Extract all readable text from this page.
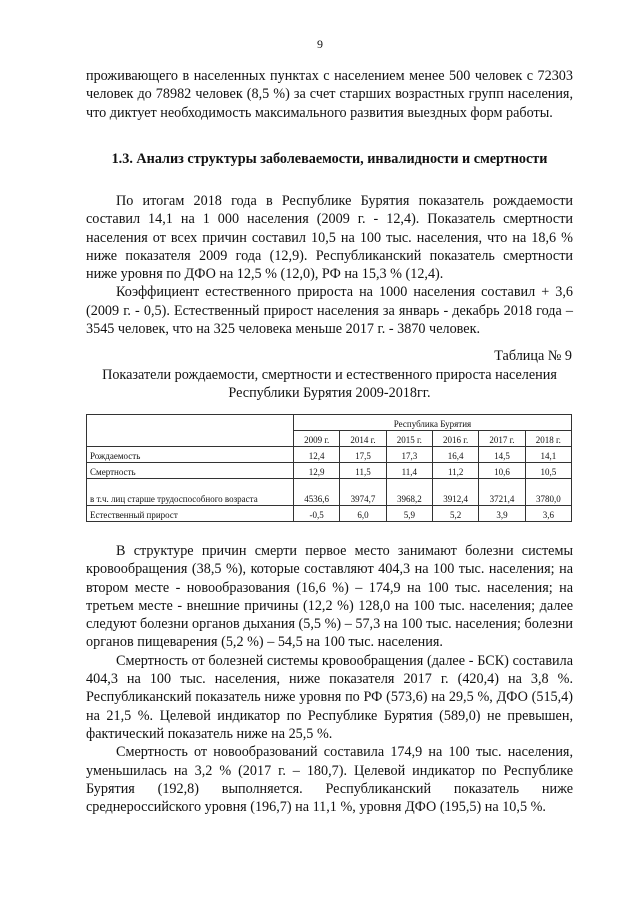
9

проживающего в населенных пунктах с населением менее 500 человек с 72303 человек до 78982 человек (8,5 %) за счет старших возрастных групп населения, что диктует необходимость максимального развития выездных форм работы.

1.3. Анализ структуры заболеваемости, инвалидности и смертности

По итогам 2018 года в Республике Бурятия показатель рождаемости составил 14,1 на 1 000 населения (2009 г. - 12,4). Показатель смертности населения от всех причин составил 10,5 на 100 тыс. населения, что на 18,6 % ниже показателя 2009 года (12,9). Республиканский показатель смертности ниже уровня по ДФО на 12,5 % (12,0), РФ на 15,3 % (12,4).

Коэффициент естественного прироста на 1000 населения составил + 3,6 (2009 г. - 0,5). Естественный прирост населения за январь - декабрь 2018 года – 3545 человек, что на 325 человека меньше 2017 г. - 3870 человек.

Таблица № 9
Показатели рождаемости, смертности и естественного прироста населения Республики Бурятия 2009-2018гг.
	Республика Бурятия					
	2009 г.	2014 г.	2015 г.	2016 г.	2017 г.	2018 г.
Рождаемость	12,4	17,5	17,3	16,4	14,5	14,1
Смертность	12,9	11,5	11,4	11,2	10,6	10,5
в т.ч. лиц старше трудоспособного возраста	4536,6	3974,7	3968,2	3912,4	3721,4	3780,0
Естественный прирост	-0,5	6,0	5,9	5,2	3,9	3,6

В структуре причин смерти первое место занимают болезни системы кровообращения (38,5 %), которые составляют 404,3 на 100 тыс. населения; на втором месте - новообразования (16,6 %) – 174,9 на 100 тыс. населения; на третьем месте - внешние причины (12,2 %) 128,0 на 100 тыс. населения; далее следуют болезни органов дыхания (5,5 %) – 57,3 на 100 тыс. населения; болезни органов пищеварения (5,2 %) – 54,5 на 100 тыс. населения.

Смертность от болезней системы кровообращения (далее - БСК) составила 404,3 на 100 тыс. населения, ниже показателя 2017 г. (420,4) на 3,8 %. Республиканский показатель ниже уровня по РФ (573,6) на 29,5 %, ДФО (515,4) на 21,5 %. Целевой индикатор по Республике Бурятия (589,0) не превышен, фактический показатель ниже на 25,5 %.

Смертность от новообразований составила 174,9 на 100 тыс. населения, уменьшилась на 3,2 % (2017 г. – 180,7). Целевой индикатор по Республике Бурятия (192,8) выполняется. Республиканский показатель ниже среднероссийского уровня (196,7) на 11,1 %, уровня ДФО (195,5) на 10,5 %.
